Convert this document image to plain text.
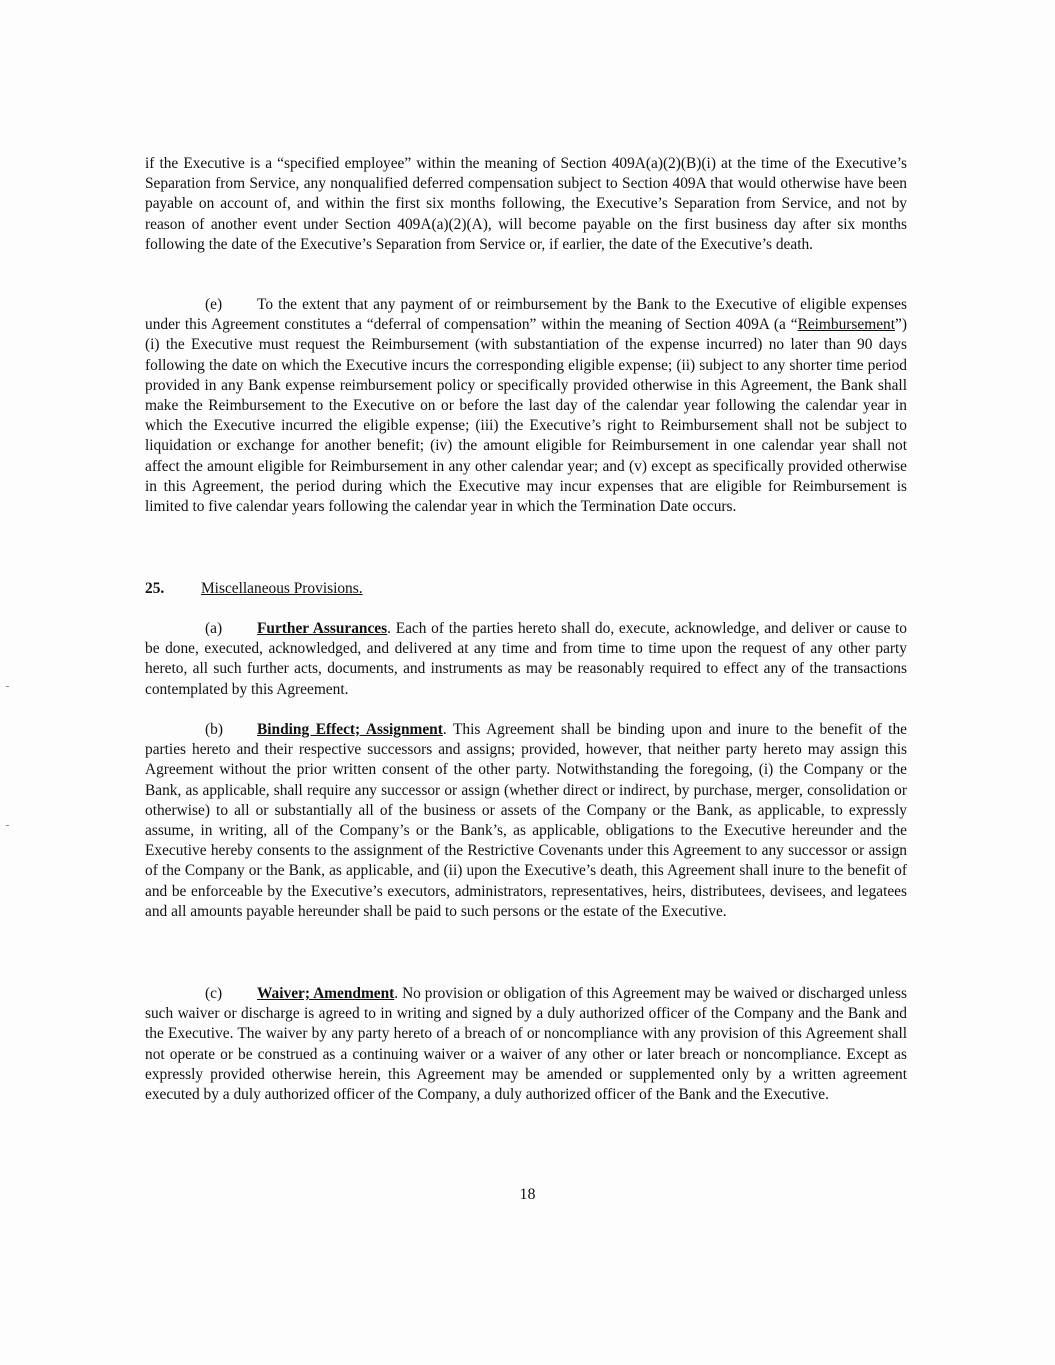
if the Executive is a “specified employee” within the meaning of Section 409A(a)(2)(B)(i) at the time of the Executive’s Separation from Service, any nonqualified deferred compensation subject to Section 409A that would otherwise have been payable on account of, and within the first six months following, the Executive’s Separation from Service, and not by reason of another event under Section 409A(a)(2)(A), will become payable on the first business day after six months following the date of the Executive’s Separation from Service or, if earlier, the date of the Executive’s death.

(e) To the extent that any payment of or reimbursement by the Bank to the Executive of eligible expenses under this Agreement constitutes a “deferral of compensation” within the meaning of Section 409A (a “Reimbursement”) (i) the Executive must request the Reimbursement (with substantiation of the expense incurred) no later than 90 days following the date on which the Executive incurs the corresponding eligible expense; (ii) subject to any shorter time period provided in any Bank expense reimbursement policy or specifically provided otherwise in this Agreement, the Bank shall make the Reimbursement to the Executive on or before the last day of the calendar year following the calendar year in which the Executive incurred the eligible expense; (iii) the Executive’s right to Reimbursement shall not be subject to liquidation or exchange for another benefit; (iv) the amount eligible for Reimbursement in one calendar year shall not affect the amount eligible for Reimbursement in any other calendar year; and (v) except as specifically provided otherwise in this Agreement, the period during which the Executive may incur expenses that are eligible for Reimbursement is limited to five calendar years following the calendar year in which the Termination Date occurs.

25. Miscellaneous Provisions.

(a) Further Assurances. Each of the parties hereto shall do, execute, acknowledge, and deliver or cause to be done, executed, acknowledged, and delivered at any time and from time to time upon the request of any other party hereto, all such further acts, documents, and instruments as may be reasonably required to effect any of the transactions contemplated by this Agreement.

(b) Binding Effect; Assignment. This Agreement shall be binding upon and inure to the benefit of the parties hereto and their respective successors and assigns; provided, however, that neither party hereto may assign this Agreement without the prior written consent of the other party. Notwithstanding the foregoing, (i) the Company or the Bank, as applicable, shall require any successor or assign (whether direct or indirect, by purchase, merger, consolidation or otherwise) to all or substantially all of the business or assets of the Company or the Bank, as applicable, to expressly assume, in writing, all of the Company’s or the Bank’s, as applicable, obligations to the Executive hereunder and the Executive hereby consents to the assignment of the Restrictive Covenants under this Agreement to any successor or assign of the Company or the Bank, as applicable, and (ii) upon the Executive’s death, this Agreement shall inure to the benefit of and be enforceable by the Executive’s executors, administrators, representatives, heirs, distributees, devisees, and legatees and all amounts payable hereunder shall be paid to such persons or the estate of the Executive.

(c) Waiver; Amendment. No provision or obligation of this Agreement may be waived or discharged unless such waiver or discharge is agreed to in writing and signed by a duly authorized officer of the Company and the Bank and the Executive. The waiver by any party hereto of a breach of or noncompliance with any provision of this Agreement shall not operate or be construed as a continuing waiver or a waiver of any other or later breach or noncompliance. Except as expressly provided otherwise herein, this Agreement may be amended or supplemented only by a written agreement executed by a duly authorized officer of the Company, a duly authorized officer of the Bank and the Executive.

18
